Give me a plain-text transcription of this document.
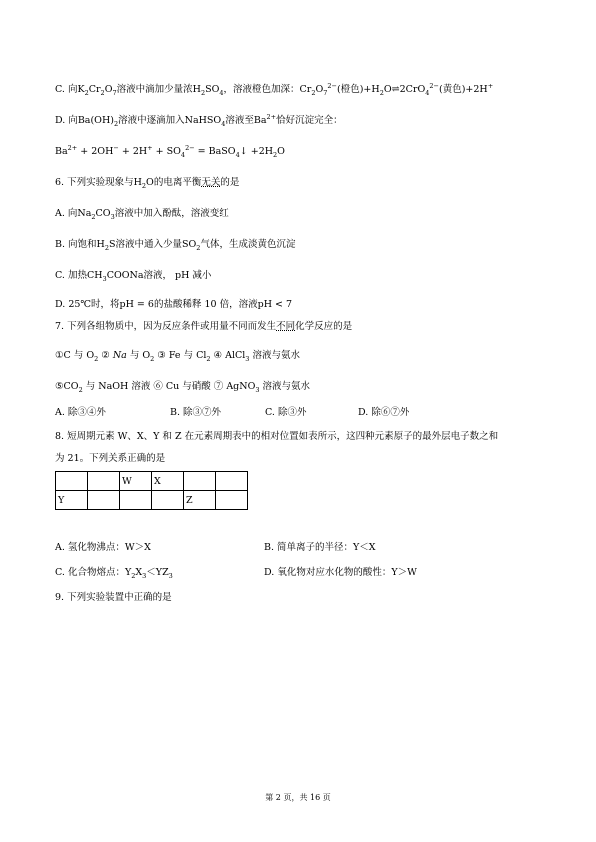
C. 向$K_2Cr_2O_7$溶液中滴加少量浓$H_2SO_4$，溶液橙色加深：$Cr_2O_7^{2-}$(橙色)$+H_2O\rightleftharpoons 2CrO_4^{2-}$(黄色)+2H+
D. 向$Ba(OH)_2$溶液中逐滴加入NaHSO$_4$溶液至$Ba^{2+}$恰好沉淀完全：
$Ba^{2+} + 2OH^- + 2H^+ + SO_4^{2-}$ = BaSO$_4$↓ $+2H_2O$
6. 下列实验现象与$H_2O$的电离平衡无关的是
A. 向$Na_2CO_3$溶液中加入酚酞，溶液变红
B. 向饱和$H_2S$溶液中通入少量$SO_2$气体，生成淡黄色沉淀
C. 加热$CH_3COONa$溶液， pH 减小
D. 25℃时，将pH = 6的盐酸稀释 10 倍，溶液pH < 7
7. 下列各组物质中，因为反应条件或用量不同而发生不同化学反应的是
①C 与 $O_2$ ② Na 与 $O_2$ ③ Fe 与 $Cl_2$ ④ AlCl$_3$ 溶液与氨水
$⑤CO_2$ 与 NaOH 溶液 ⑥ Cu 与硝酸 ⑦ AgNO$_3$ 溶液与氨水
A. 除③④外	B. 除③⑦外	C. 除③外	D. 除⑥⑦外
8. 短周期元素 W、X、Y 和 Z 在元素周期表中的相对位置如表所示，这四种元素原子的最外层电子数之和
为 21。下列关系正确的是
		W	X		
Y				Z	
A. 氢化物沸点：W＞X	B. 简单离子的半径：Y＜X
C. 化合物熔点：$Y_2X_3<YZ_3$	D. 氧化物对应水化物的酸性：Y＞W
9. 下列实验装置中正确的是
第 2 页，共 16 页
